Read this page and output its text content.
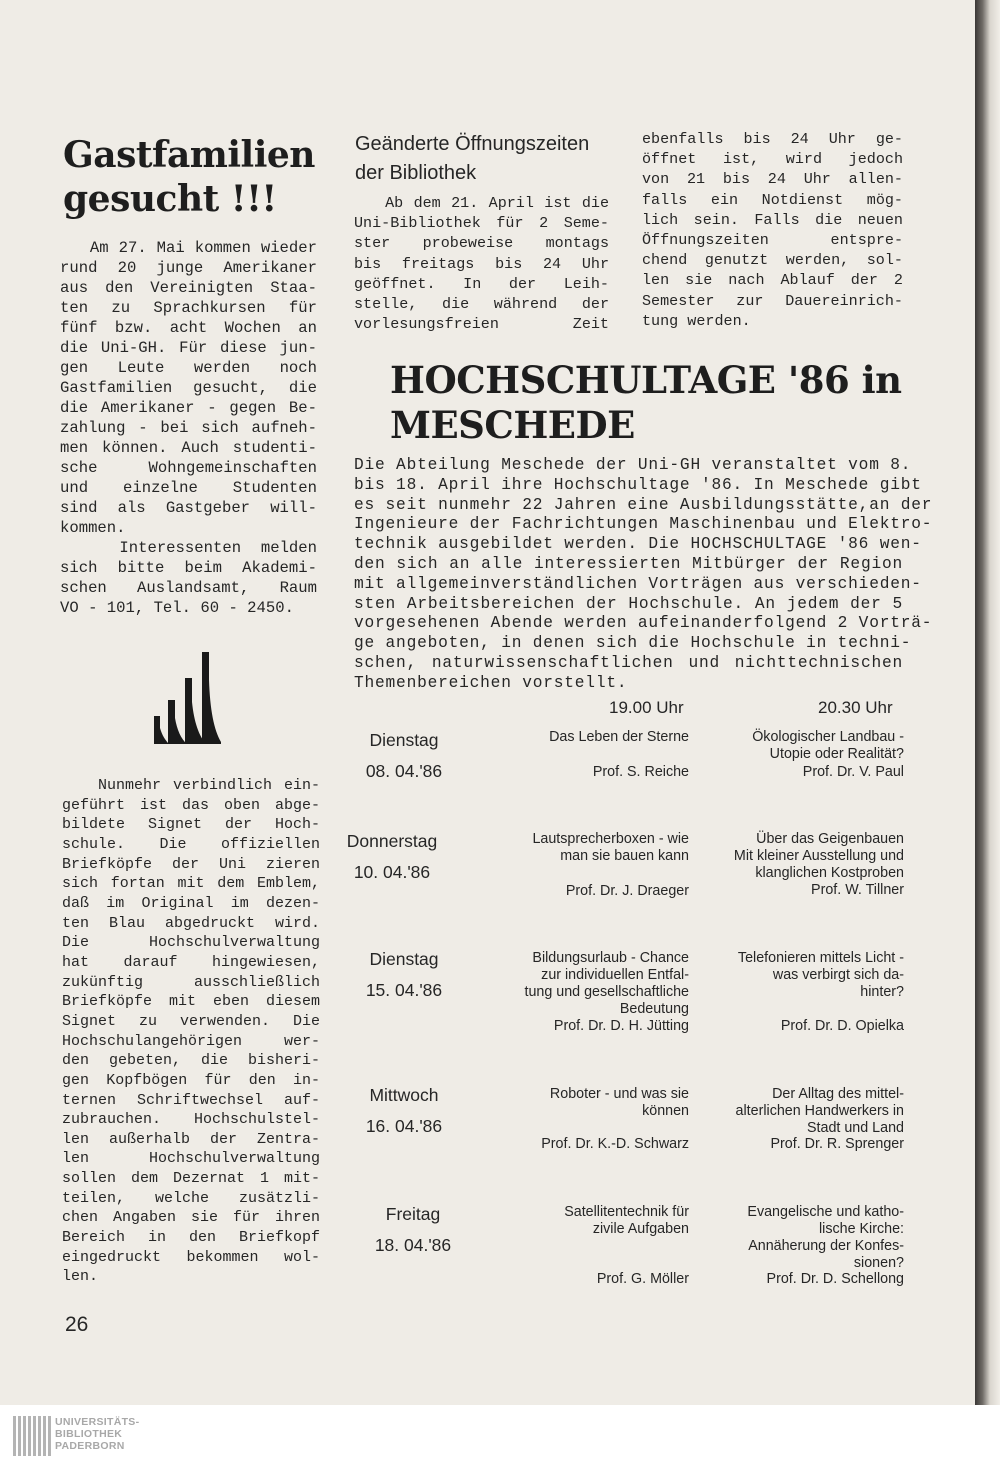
Gastfamilien
gesucht !!!
Am 27. Mai kommen wieder
rund 20 junge Amerikaner
aus den Vereinigten Staa-
ten zu Sprachkursen für
fünf bzw. acht Wochen an
die Uni-GH. Für diese jun-
gen Leute werden noch
Gastfamilien gesucht, die
die Amerikaner - gegen Be-
zahlung - bei sich aufneh-
men können. Auch studenti-
sche Wohngemeinschaften
und einzelne Studenten
sind als Gastgeber will-
kommen.
Interessenten melden
sich bitte beim Akademi-
schen Auslandsamt, Raum
VO - 101, Tel. 60 - 2450.
Nunmehr verbindlich ein-
geführt ist das oben abge-
bildete Signet der Hoch-
schule. Die offiziellen
Briefköpfe der Uni zieren
sich fortan mit dem Emblem,
daß im Original im dezen-
ten Blau abgedruckt wird.
Die Hochschulverwaltung
hat darauf hingewiesen,
zukünftig ausschließlich
Briefköpfe mit eben diesem
Signet zu verwenden. Die
Hochschulangehörigen wer-
den gebeten, die bisheri-
gen Kopfbögen für den in-
ternen Schriftwechsel auf-
zubrauchen. Hochschulstel-
len außerhalb der Zentra-
len Hochschulverwaltung
sollen dem Dezernat 1 mit-
teilen, welche zusätzli-
chen Angaben sie für ihren
Bereich in den Briefkopf
eingedruckt bekommen wol-
len.
26
Geänderte Öffnungszeiten
der Bibliothek
Ab dem 21. April ist die
Uni-Bibliothek für 2 Seme-
ster probeweise montags
bis freitags bis 24 Uhr
geöffnet. In der Leih-
stelle, die während der
vorlesungsfreien Zeit
ebenfalls bis 24 Uhr ge-
öffnet ist, wird jedoch
von 21 bis 24 Uhr allen-
falls ein Notdienst mög-
lich sein. Falls die neuen
Öffnungszeiten entspre-
chend genutzt werden, sol-
len sie nach Ablauf der 2
Semester zur Dauereinrich-
tung werden.
HOCHSCHULTAGE '86 in
MESCHEDE
Die Abteilung Meschede der Uni-GH veranstaltet vom 8.
bis 18. April ihre Hochschultage '86. In Meschede gibt
es seit nunmehr 22 Jahren eine Ausbildungsstätte,an der
Ingenieure der Fachrichtungen Maschinenbau und Elektro-
technik ausgebildet werden. Die HOCHSCHULTAGE '86 wen-
den sich an alle interessierten Mitbürger der Region
mit allgemeinverständlichen Vorträgen aus verschieden-
sten Arbeitsbereichen der Hochschule. An jedem der 5
vorgesehenen Abende werden aufeinanderfolgend 2 Vorträ-
ge angeboten, in denen sich die Hochschule in techni-
schen, naturwissenschaftlichen und nichttechnischen
Themenbereichen vorstellt.
19.00 Uhr	20.30 Uhr
Dienstag
08. 04.'86
Das Leben der Sterne
Prof. S. Reiche
Ökologischer Landbau -
Utopie oder Realität?
Prof. Dr. V. Paul
Donnerstag
10. 04.'86
Lautsprecherboxen - wie
man sie bauen kann
Prof. Dr. J. Draeger
Über das Geigenbauen
Mit kleiner Ausstellung und
klanglichen Kostproben
Prof. W. Tillner
Dienstag
15. 04.'86
Bildungsurlaub - Chance
zur individuellen Entfal-
tung und gesellschaftliche
Bedeutung
Prof. Dr. D. H. Jütting
Telefonieren mittels Licht -
was verbirgt sich da-
hinter?
Prof. Dr. D. Opielka
Mittwoch
16. 04.'86
Roboter - und was sie
können
Prof. Dr. K.-D. Schwarz
Der Alltag des mittel-
alterlichen Handwerkers in
Stadt und Land
Prof. Dr. R. Sprenger
Freitag
18. 04.'86
Satellitentechnik für
zivile Aufgaben
Prof. G. Möller
Evangelische und katho-
lische Kirche:
Annäherung der Konfes-
sionen?
Prof. Dr. D. Schellong
UNIVERSITÄTS-
BIBLIOTHEK
PADERBORN
